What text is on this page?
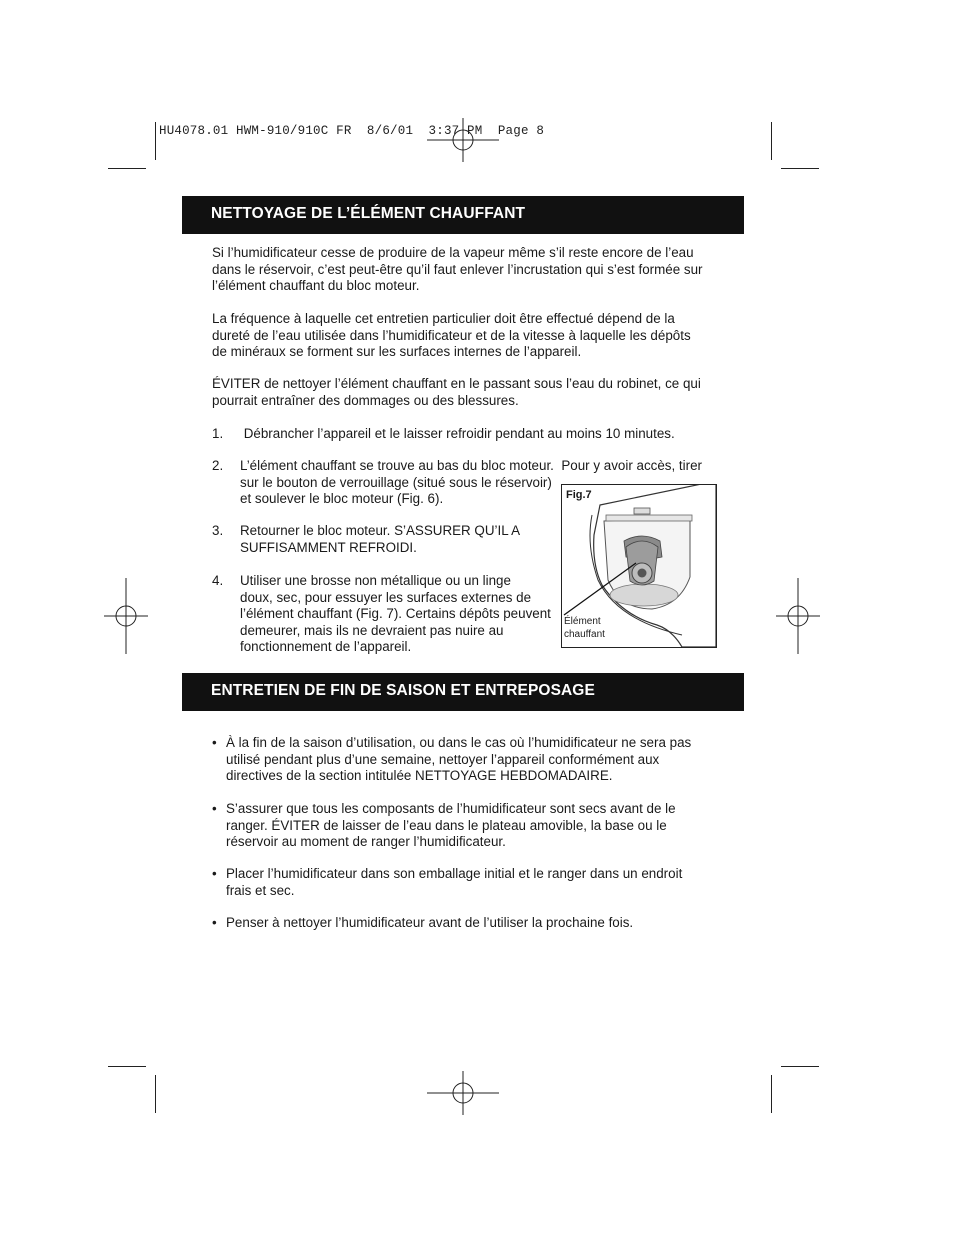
HU4078.01 HWM-910/910C FR  8/6/01  3:37 PM  Page 8
NETTOYAGE DE L’ÉLÉMENT CHAUFFANT
Si l’humidificateur cesse de produire de la vapeur même s’il reste encore de l’eau
dans le réservoir, c’est peut-être qu’il faut enlever l’incrustation qui s’est formée sur
l’élément chauffant du bloc moteur.
La fréquence à laquelle cet entretien particulier doit être effectué dépend de la
dureté de l’eau utilisée dans l’humidificateur et de la vitesse à laquelle les dépôts
de minéraux se forment sur les surfaces internes de l’appareil.
ÉVITER de nettoyer l’élément chauffant en le passant sous l’eau du robinet, ce qui
pourrait entraîner des dommages ou des blessures.
1. Débrancher l’appareil et le laisser refroidir pendant au moins 10 minutes.
2. L’élément chauffant se trouve au bas du bloc moteur.  Pour y avoir accès, tirer
sur le bouton de verrouillage (situé sous le réservoir)
et soulever le bloc moteur (Fig. 6).
3. Retourner le bloc moteur. S’ASSURER QU’IL A
SUFFISAMMENT REFROIDI.
4. Utiliser une brosse non métallique ou un linge
doux, sec, pour essuyer les surfaces externes de
l’élément chauffant (Fig. 7). Certains dépôts peuvent
demeurer, mais ils ne devraient pas nuire au
fonctionnement de l’appareil.
Fig.7
Élément
chauffant
ENTRETIEN DE FIN DE SAISON ET ENTREPOSAGE
• À la fin de la saison d’utilisation, ou dans le cas où l’humidificateur ne sera pas
utilisé pendant plus d’une semaine, nettoyer l’appareil conformément aux
directives de la section intitulée NETTOYAGE HEBDOMADAIRE.
• S’assurer que tous les composants de l’humidificateur sont secs avant de le
ranger. ÉVITER de laisser de l’eau dans le plateau amovible, la base ou le
réservoir au moment de ranger l’humidificateur.
• Placer l’humidificateur dans son emballage initial et le ranger dans un endroit
frais et sec.
• Penser à nettoyer l’humidificateur avant de l’utiliser la prochaine fois.
